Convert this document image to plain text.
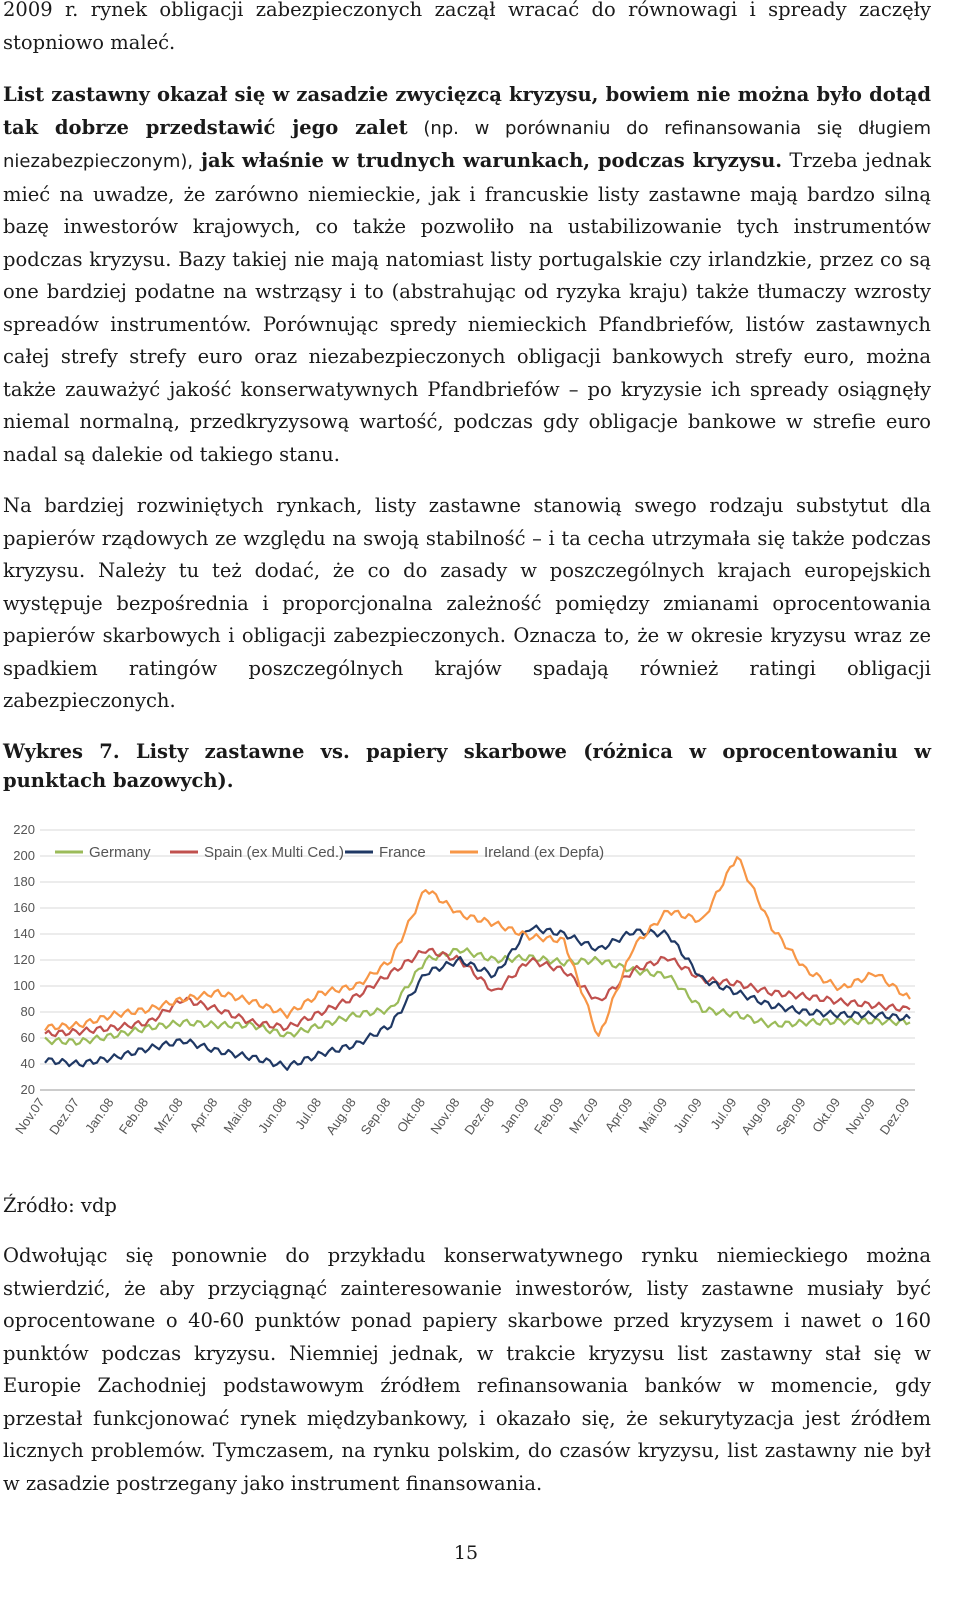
2009 r. rynek obligacji zabezpieczonych zaczął wracać do równowagi i spready zaczęły stopniowo maleć.

List zastawny okazał się w zasadzie zwycięzcą kryzysu, bowiem nie można było dotąd tak dobrze przedstawić jego zalet (np. w porównaniu do refinansowania się długiem niezabezpieczonym), jak właśnie w trudnych warunkach, podczas kryzysu. Trzeba jednak mieć na uwadze, że zarówno niemieckie, jak i francuskie listy zastawne mają bardzo silną bazę inwestorów krajowych, co także pozwoliło na ustabilizowanie tych instrumentów podczas kryzysu. Bazy takiej nie mają natomiast listy portugalskie czy irlandzkie, przez co są one bardziej podatne na wstrząsy i to (abstrahując od ryzyka kraju) także tłumaczy wzrosty spreadów instrumentów. Porównując spredy niemieckich Pfandbriefów, listów zastawnych całej strefy strefy euro oraz niezabezpieczonych obligacji bankowych strefy euro, można także zauważyć jakość konserwatywnych Pfandbriefów – po kryzysie ich spready osiągnęły niemal normalną, przedkryzysową wartość, podczas gdy obligacje bankowe w strefie euro nadal są dalekie od takiego stanu.

Na bardziej rozwiniętych rynkach, listy zastawne stanowią swego rodzaju substytut dla papierów rządowych ze względu na swoją stabilność – i ta cecha utrzymała się także podczas kryzysu. Należy tu też dodać, że co do zasady w poszczególnych krajach europejskich występuje bezpośrednia i proporcjonalna zależność pomiędzy zmianami oprocentowania papierów skarbowych i obligacji zabezpieczonych. Oznacza to, że w okresie kryzysu wraz ze spadkiem ratingów poszczególnych krajów spadają również ratingi obligacji zabezpieczonych.

Wykres 7. Listy zastawne vs. papiery skarbowe (różnica w oprocentowaniu w punktach bazowych).

20
40
60
80
100
120
140
160
180
200
220
Nov.07
Dez.07 Jan.08 Feb.08 Mrz.08 Apr.08 Mai.08 Jun.08 Jul.08
Aug.08
Sep.08 Okt.08 Nov.08
Dez.08 Jan.09 Feb.09 Mrz.09 Apr.09 Mai.09 Jun.09 Jul.09
Aug.09
Sep.09 Okt.09 Nov.09
Dez.09
Germany	Spain (ex Multi Ced.) France	Ireland (ex Depfa)

Źródło: vdp

Odwołując się ponownie do przykładu konserwatywnego rynku niemieckiego można stwierdzić, że aby przyciągnąć zainteresowanie inwestorów, listy zastawne musiały być oprocentowane o 40-60 punktów ponad papiery skarbowe przed kryzysem i nawet o 160 punktów podczas kryzysu. Niemniej jednak, w trakcie kryzysu list zastawny stał się w Europie Zachodniej podstawowym źródłem refinansowania banków w momencie, gdy przestał funkcjonować rynek międzybankowy, i okazało się, że sekurytyzacja jest źródłem licznych problemów. Tymczasem, na rynku polskim, do czasów kryzysu, list zastawny nie był w zasadzie postrzegany jako instrument finansowania.

15
